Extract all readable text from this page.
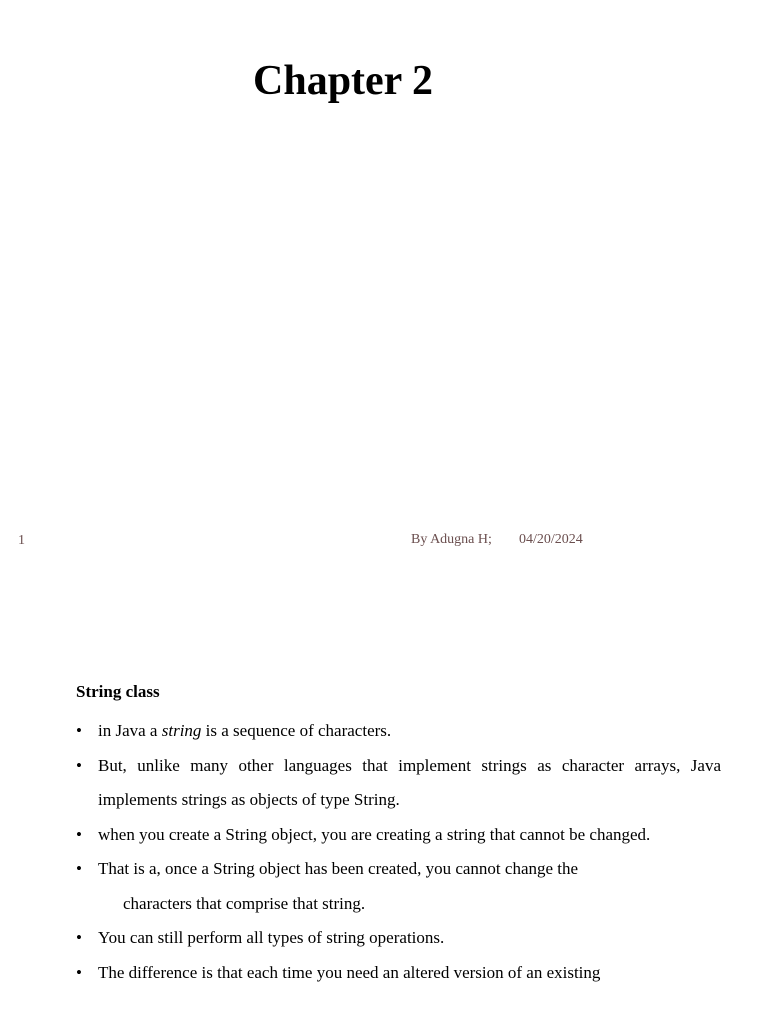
Chapter 2
1	By Adugna H; 04/20/2024
String class
• in Java a string is a sequence of characters.
• But, unlike many other languages that implement strings as character arrays, Java implements strings as objects of type String.
• when you create a String object, you are creating a string that cannot be changed.
• That is a, once a String object has been created, you cannot change the
characters that comprise that string.
• You can still perform all types of string operations.
• The difference is that each time you need an altered version of an existing
